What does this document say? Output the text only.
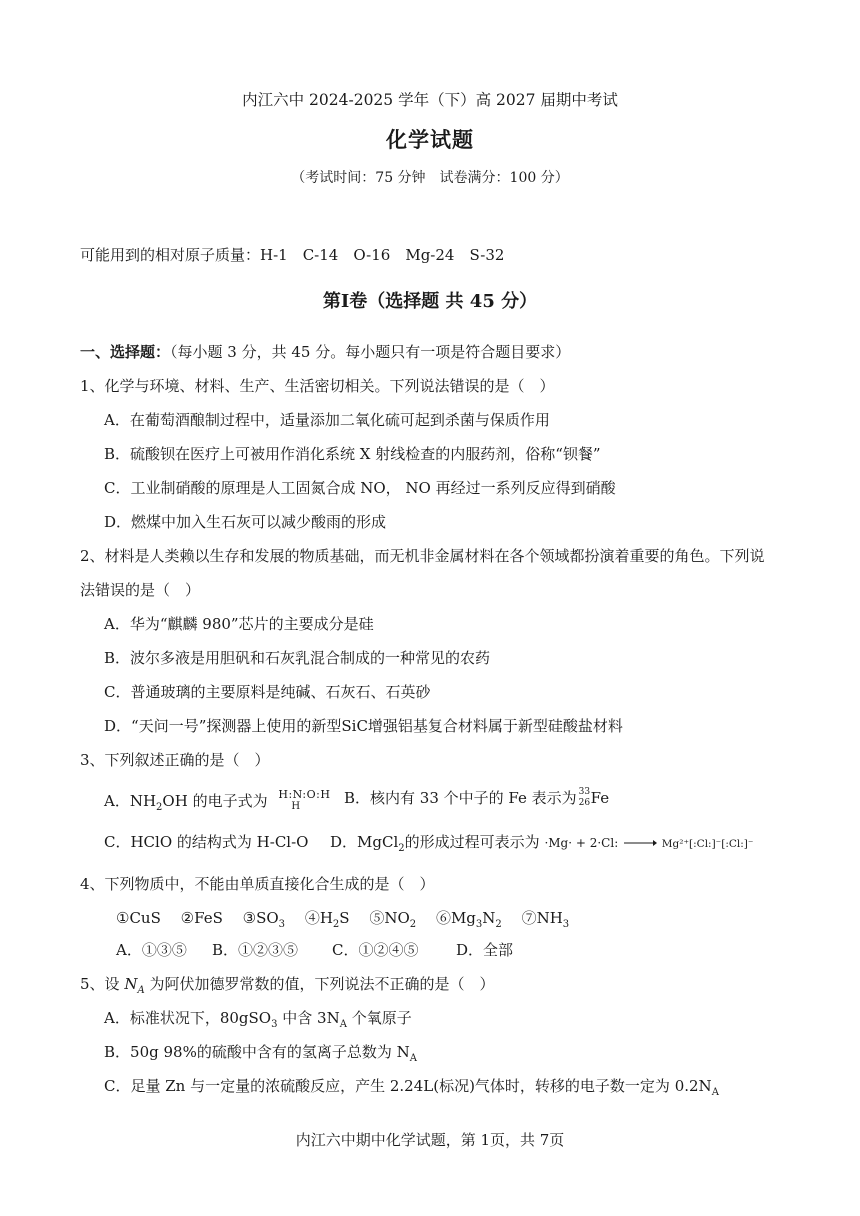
内江六中 2024-2025 学年（下）高 2027 届期中考试
化学试题
（考试时间：75 分钟　试卷满分：100 分）
可能用到的相对原子质量：H-1　C-14　O-16　Mg-24　S-32
第Ⅰ卷（选择题 共 45 分）
一、选择题：（每小题 3 分，共 45 分。每小题只有一项是符合题目要求）
1、化学与环境、材料、生产、生活密切相关。下列说法错误的是（　）
A．在葡萄酒酿制过程中，适量添加二氧化硫可起到杀菌与保质作用
B．硫酸钡在医疗上可被用作消化系统 X 射线检查的内服药剂，俗称“钡餐”
C．工业制硝酸的原理是人工固氮合成 NO， NO 再经过一系列反应得到硝酸
D．燃煤中加入生石灰可以减少酸雨的形成
2、材料是人类赖以生存和发展的物质基础，而无机非金属材料在各个领域都扮演着重要的角色。下列说
法错误的是（　）
A．华为“麒麟 980”芯片的主要成分是硅
B．波尔多液是用胆矾和石灰乳混合制成的一种常见的农药
C．普通玻璃的主要原料是纯碱、石灰石、石英砂
D．“天问一号”探测器上使用的新型SiC增强铝基复合材料属于新型硅酸盐材料
3、下列叙述正确的是（　）
A．$NH_2OH$ 的电子式为 H:N:O:H
H	B．核内有 33 个中子的 Fe 表示为 33
26 Fe
C．HClO 的结构式为 H-Cl-O D．MgCl$_2$的形成过程可表示为 ·Mg· + 2·Cl: → Mg²⁺[:Cl:]⁻[:Cl:]⁻
4、下列物质中，不能由单质直接化合生成的是（　）
①CuS　 ②FeS　 $③SO_3$　 $④H_2S$　 $⑤NO_2$　 $⑥Mg_3N_2$　 $⑦NH_3$
A．①③⑤ B．①②③⑤ C．①②④⑤	D．全部
5、设 $N_A$ 为阿伏加德罗常数的值，下列说法不正确的是（　）
A．标准状况下，80gSO$_3$ 中含 $3N_A$ 个氧原子
B．50g 98%的硫酸中含有的氢离子总数为 $N_A$
C．足量 Zn 与一定量的浓硫酸反应，产生 2.24L(标况)气体时，转移的电子数一定为 $0.2N_A$
内江六中期中化学试题，第 1页，共 7页
